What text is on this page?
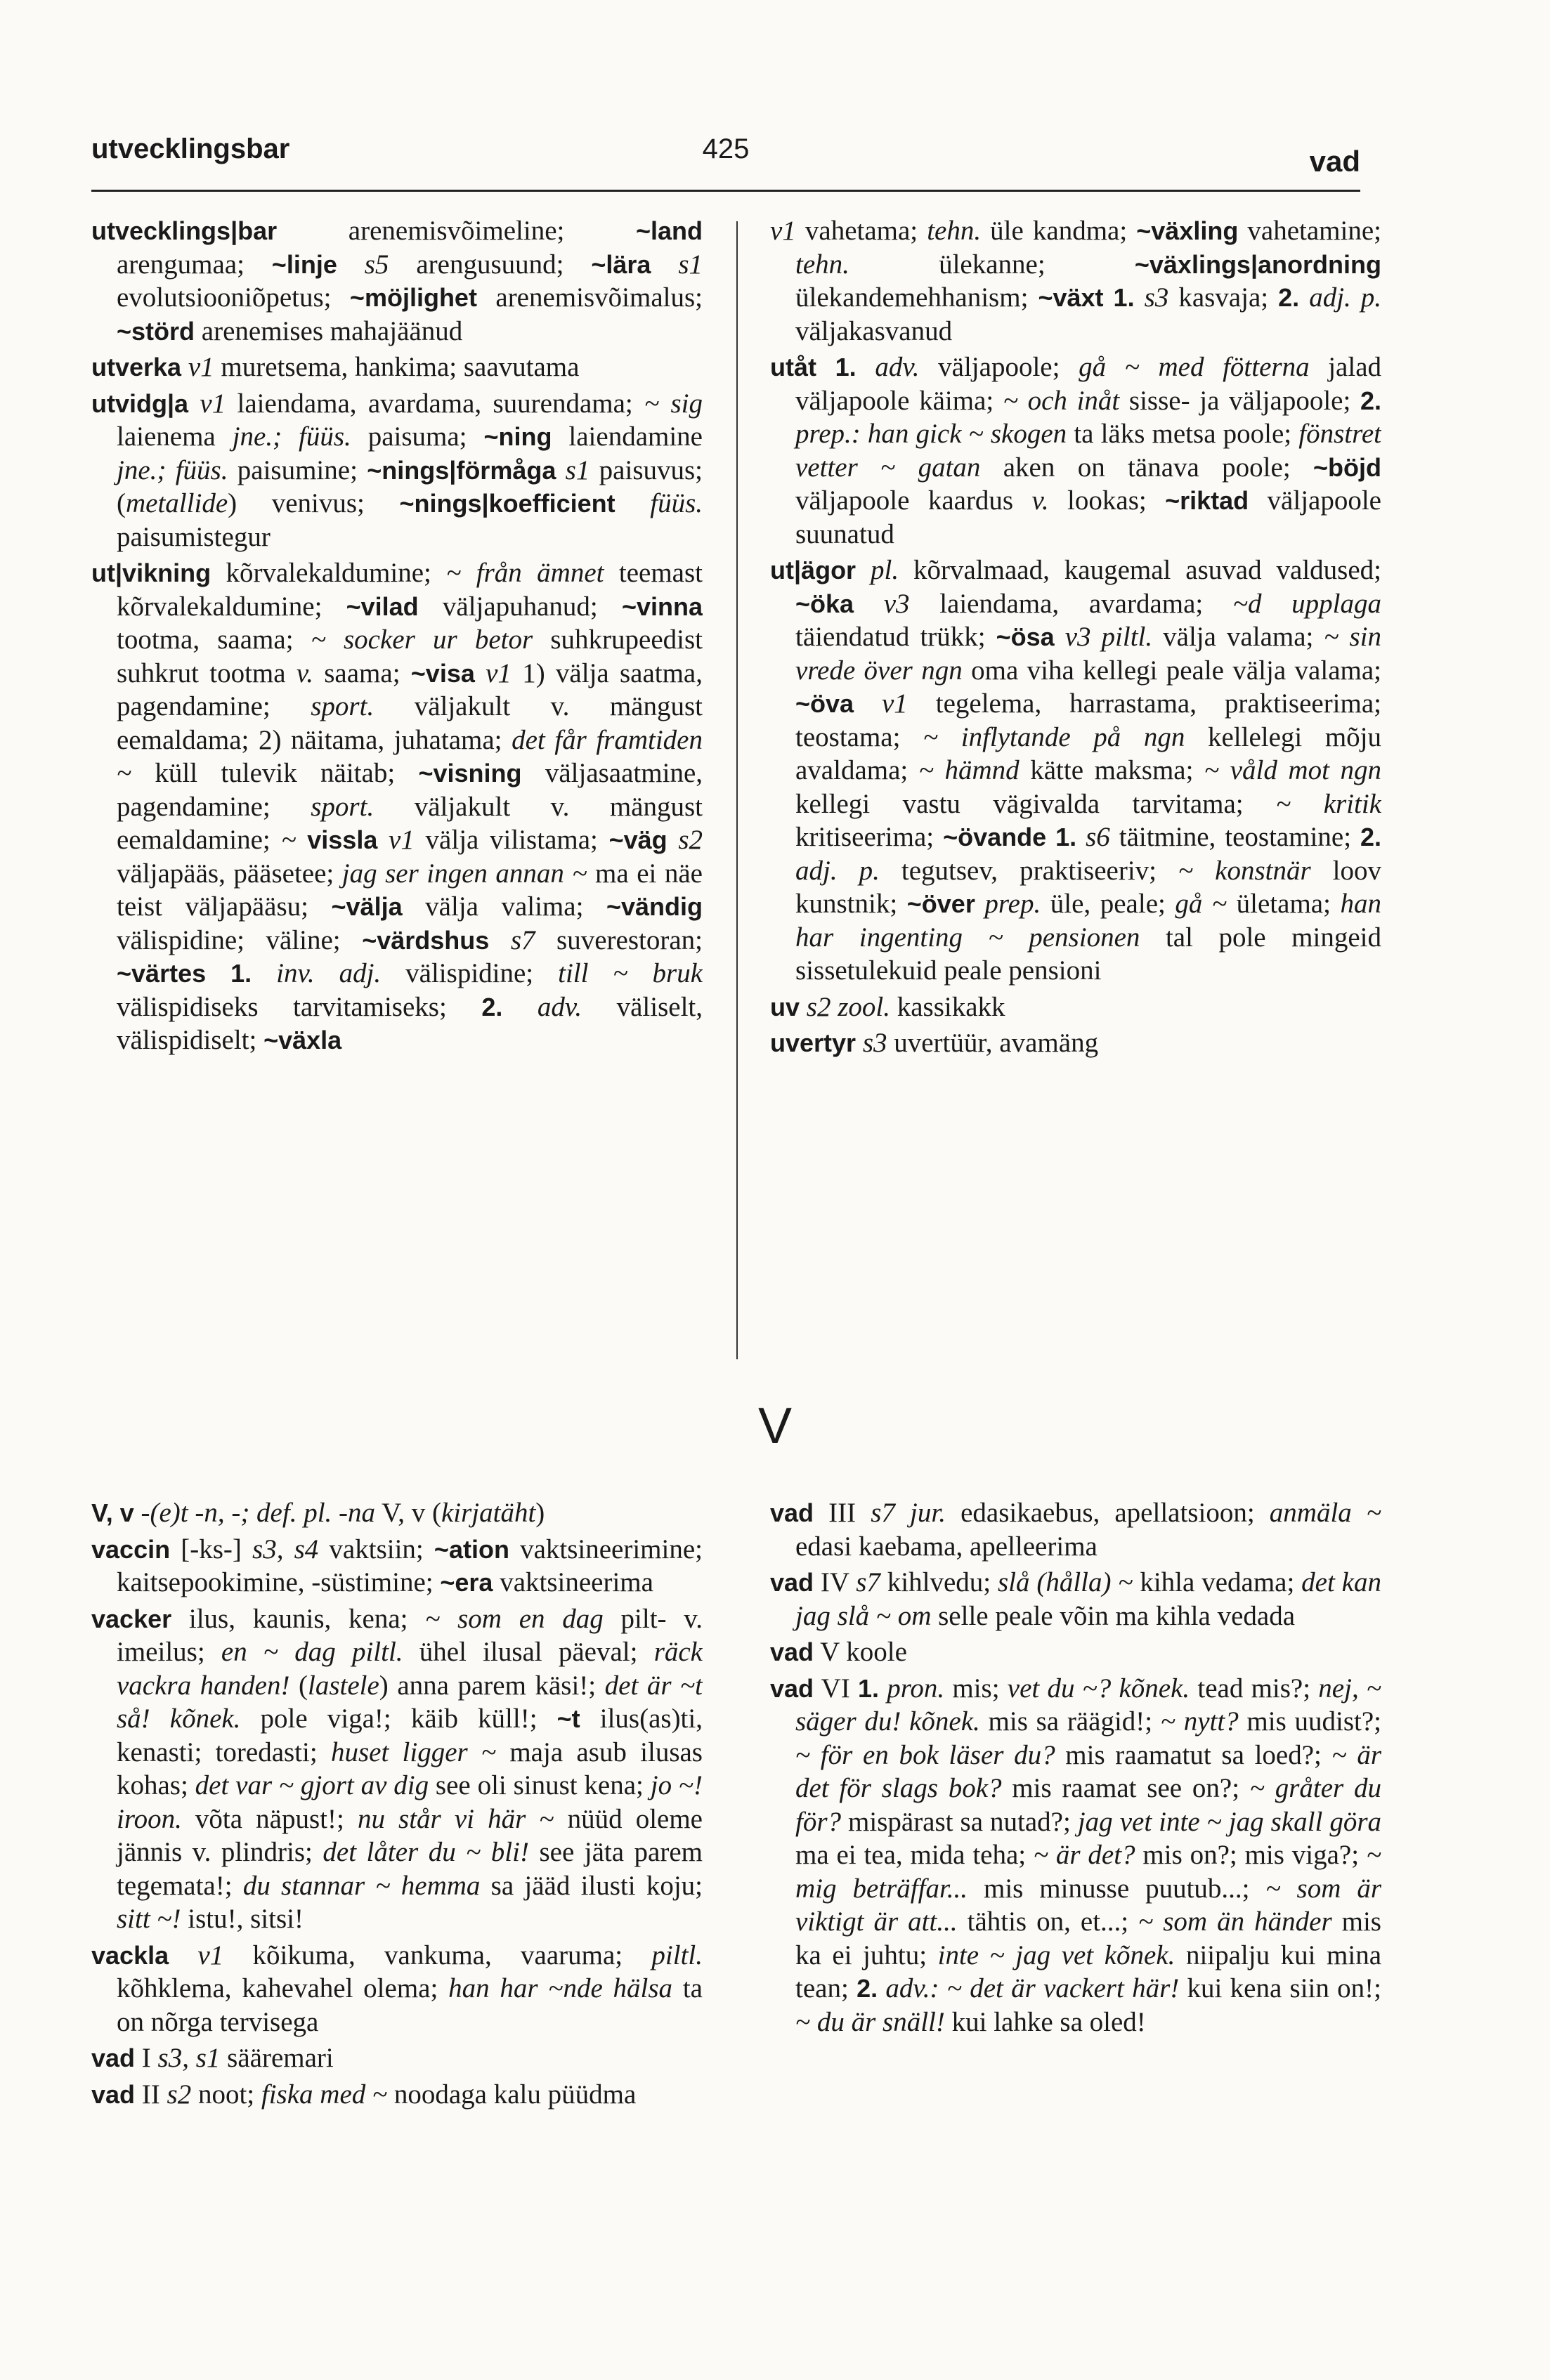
utvecklingsbar	425	vad
utvecklings|bar arenemisvõimeline; ~land arengumaa; ~linje s5 arengusuund; ~lära s1 evolutsiooniõpetus; ~möjlighet arenemisvõimalus; ~störd arenemises mahajäänud
utverka v1 muretsema, hankima; saavutama
utvidg|a v1 laiendama, avardama, suurendama; ~ sig laienema jne.; füüs. paisuma; ~ning laiendamine jne.; füüs. paisumine; ~nings|förmåga s1 paisuvus; (metallide) venivus; ~nings|koefficient füüs. paisumistegur
ut|vikning kõrvalekaldumine; ~ från ämnet teemast kõrvalekaldumine; ~vilad väljapuhanud; ~vinna tootma, saama; ~ socker ur betor suhkrupeedist suhkrut tootma v. saama; ~visa v1 1) välja saatma, pagendamine; sport. väljakult v. mängust eemaldama; 2) näitama, juhatama; det får framtiden ~ küll tulevik näitab; ~visning väljasaatmine, pagendamine; sport. väljakult v. mängust eemaldamine; ~ vissla v1 välja vilistama; ~väg s2 väljapääs, pääsetee; jag ser ingen annan ~ ma ei näe teist väljapääsu; ~välja välja valima; ~vändig välispidine; väline; ~värdshus s7 suverestoran; ~värtes 1. inv. adj. välispidine; till ~ bruk välispidiseks tarvitamiseks; 2. adv. väliselt, välispidiselt; ~växla
v1 vahetama; tehn. üle kandma; ~växling vahetamine; tehn. ülekanne; ~växlings|anordning ülekandemehhanism; ~växt 1. s3 kasvaja; 2. adj. p. väljakasvanud
utåt 1. adv. väljapoole; gå ~ med fötterna jalad väljapoole käima; ~ och inåt sisse- ja väljapoole; 2. prep.: han gick ~ skogen ta läks metsa poole; fönstret vetter ~ gatan aken on tänava poole; ~böjd väljapoole kaardus v. lookas; ~riktad väljapoole suunatud
ut|ägor pl. kõrvalmaad, kaugemal asuvad valdused; ~öka v3 laiendama, avardama; ~d upplaga täiendatud trükk; ~ösa v3 piltl. välja valama; ~ sin vrede över ngn oma viha kellegi peale välja valama; ~öva v1 tegelema, harrastama, praktiseerima; teostama; ~ inflytande på ngn kellelegi mõju avaldama; ~ hämnd kätte maksma; ~ våld mot ngn kellegi vastu vägivalda tarvitama; ~ kritik kritiseerima; ~övande 1. s6 täitmine, teostamine; 2. adj. p. tegutsev, praktiseeriv; ~ konstnär loov kunstnik; ~över prep. üle, peale; gå ~ ületama; han har ingenting ~ pensionen tal pole mingeid sissetulekuid peale pensioni
uv s2 zool. kassikakk
uvertyr s3 uvertüür, avamäng
V
V, v -(e)t -n, -; def. pl. -na V, v (kirjatäht)
vaccin [-ks-] s3, s4 vaktsiin; ~ation vaktsineerimine; kaitsepookimine, -süstimine; ~era vaktsineerima
vacker ilus, kaunis, kena; ~ som en dag pilt- v. imeilus; en ~ dag piltl. ühel ilusal päeval; räck vackra handen! (lastele) anna parem käsi!; det är ~t så! kõnek. pole viga!; käib küll!; ~t ilus(as)ti, kenasti; toredasti; huset ligger ~ maja asub ilusas kohas; det var ~ gjort av dig see oli sinust kena; jo ~! iroon. võta näpust!; nu står vi här ~ nüüd oleme jännis v. plindris; det låter du ~ bli! see jäta parem tegemata!; du stannar ~ hemma sa jääd ilusti koju; sitt ~! istu!, sitsi!
vackla v1 kõikuma, vankuma, vaaruma; piltl. kõhklema, kahevahel olema; han har ~nde hälsa ta on nõrga tervisega
vad I s3, s1 sääremari
vad II s2 noot; fiska med ~ noodaga kalu püüdma
vad III s7 jur. edasikaebus, apellatsioon; anmäla ~ edasi kaebama, apelleerima
vad IV s7 kihlvedu; slå (hålla) ~ kihla vedama; det kan jag slå ~ om selle peale võin ma kihla vedada
vad V koole
vad VI 1. pron. mis; vet du ~? kõnek. tead mis?; nej, ~ säger du! kõnek. mis sa räägid!; ~ nytt? mis uudist?; ~ för en bok läser du? mis raamatut sa loed?; ~ är det för slags bok? mis raamat see on?; ~ gråter du för? mispärast sa nutad?; jag vet inte ~ jag skall göra ma ei tea, mida teha; ~ är det? mis on?; mis viga?; ~ mig beträffar... mis minusse puutub...; ~ som är viktigt är att... tähtis on, et...; ~ som än händer mis ka ei juhtu; inte ~ jag vet kõnek. niipalju kui mina tean; 2. adv.: ~ det är vackert här! kui kena siin on!; ~ du är snäll! kui lahke sa oled!
